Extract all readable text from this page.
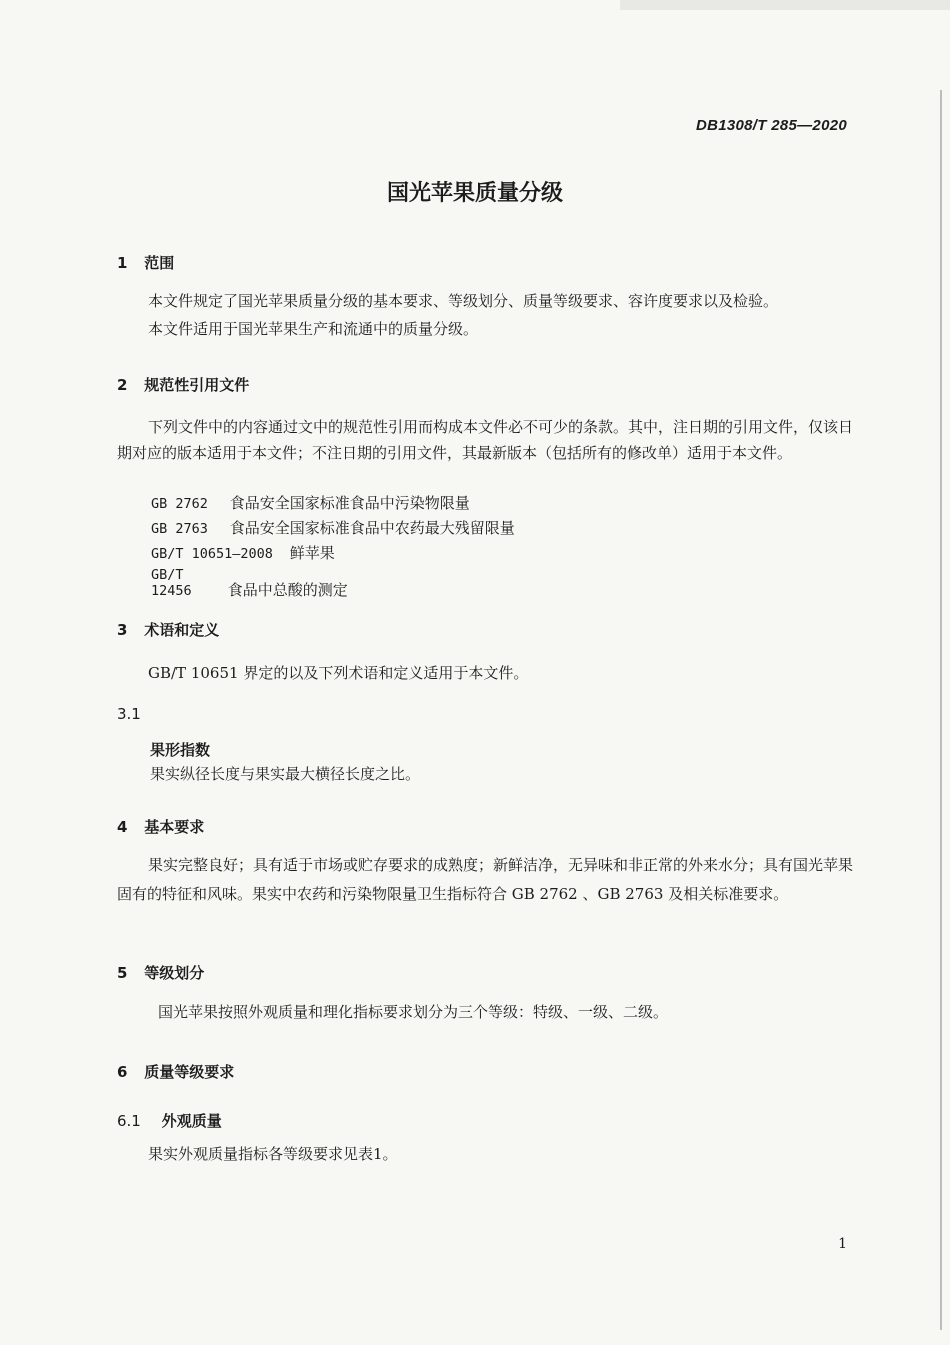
DB1308/T 285—2020
国光苹果质量分级
1 范围
本文件规定了国光苹果质量分级的基本要求、等级划分、质量等级要求、容许度要求以及检验。
本文件适用于国光苹果生产和流通中的质量分级。
2 规范性引用文件
下列文件中的内容通过文中的规范性引用而构成本文件必不可少的条款。其中，注日期的引用文件，仅该日期对应的版本适用于本文件；不注日期的引用文件，其最新版本（包括所有的修改单）适用于本文件。
GB 2762 食品安全国家标准食品中污染物限量
GB 2763 食品安全国家标准食品中农药最大残留限量
GB/T 10651—2008 鲜苹果
GB/T 12456 食品中总酸的测定
3 术语和定义
GB/T 10651 界定的以及下列术语和定义适用于本文件。
3.1
果形指数
果实纵径长度与果实最大横径长度之比。
4 基本要求
果实完整良好；具有适于市场或贮存要求的成熟度；新鲜洁净，无异味和非正常的外来水分；具有国光苹果固有的特征和风味。果实中农药和污染物限量卫生指标符合 GB 2762 、GB 2763 及相关标准要求。
5 等级划分
国光苹果按照外观质量和理化指标要求划分为三个等级：特级、一级、二级。
6 质量等级要求
6.1 外观质量
果实外观质量指标各等级要求见表1。
1
